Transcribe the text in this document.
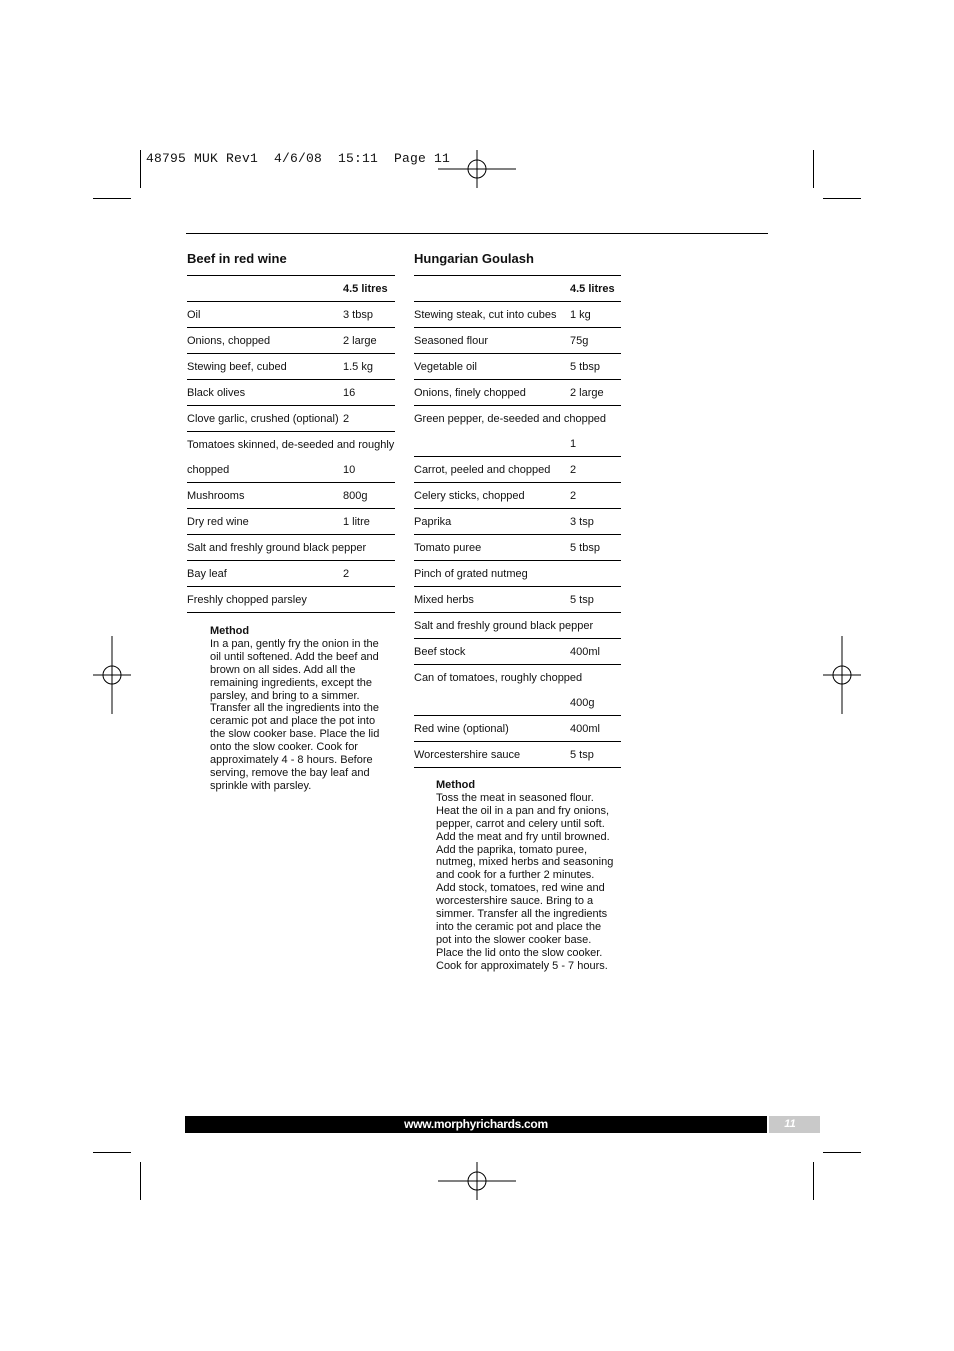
48795 MUK Rev1  4/6/08  15:11  Page 11
Beef in red wine
	4.5 litres
Oil	3 tbsp
Onions, chopped	2 large
Stewing beef, cubed	1.5 kg
Black olives	16
Clove garlic, crushed (optional)	2
Tomatoes skinned, de-seeded and roughly	
chopped	10
Mushrooms	800g
Dry red wine	1 litre
Salt and freshly ground black pepper	
Bay leaf	2
Freshly chopped parsley	
Method
In a pan, gently fry the onion in the
oil until softened. Add the beef and
brown on all sides. Add all the
remaining ingredients, except the
parsley, and bring to a simmer.
Transfer all the ingredients into the
ceramic pot and place the pot into
the slow cooker base. Place the lid
onto the slow cooker. Cook for
approximately 4 - 8 hours. Before
serving, remove the bay leaf and
sprinkle with parsley.
Hungarian Goulash
	4.5 litres
Stewing steak, cut into cubes	1 kg
Seasoned flour	75g
Vegetable oil	5 tbsp
Onions, finely chopped	2 large
Green pepper, de-seeded and chopped	
	1
Carrot, peeled and chopped	2
Celery sticks, chopped	2
Paprika	3 tsp
Tomato puree	5 tbsp
Pinch of grated nutmeg	
Mixed herbs	5 tsp
Salt and freshly ground black pepper	
Beef stock	400ml
Can of tomatoes, roughly chopped	
	400g
Red wine (optional)	400ml
Worcestershire sauce	5 tsp
Method
Toss the meat in seasoned flour.
Heat the oil in a pan and fry onions,
pepper, carrot and celery until soft.
Add the meat and fry until browned.
Add the paprika, tomato puree,
nutmeg, mixed herbs and seasoning
and cook for a further 2 minutes.
Add stock, tomatoes, red wine and
worcestershire sauce. Bring to a
simmer. Transfer all the ingredients
into the ceramic pot and place the
pot into the slower cooker base.
Place the lid onto the slow cooker.
Cook for approximately 5 - 7 hours.
www.morphyrichards.com	11
